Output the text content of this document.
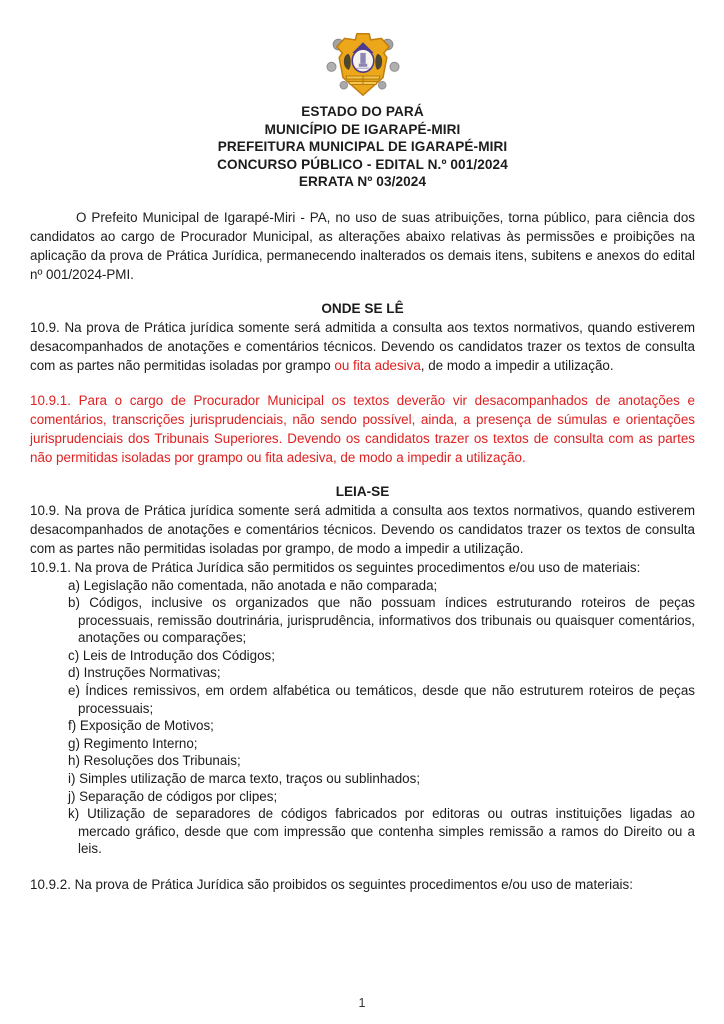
ESTADO DO PARÁ
MUNICÍPIO DE IGARAPÉ-MIRI
PREFEITURA MUNICIPAL DE IGARAPÉ-MIRI
CONCURSO PÚBLICO - EDITAL N.º 001/2024
ERRATA Nº 03/2024

O Prefeito Municipal de Igarapé-Miri - PA, no uso de suas atribuições, torna público, para ciência dos candidatos ao cargo de Procurador Municipal, as alterações abaixo relativas às permissões e proibições na aplicação da prova de Prática Jurídica, permanecendo inalterados os demais itens, subitens e anexos do edital nº 001/2024-PMI.

ONDE SE LÊ

10.9. Na prova de Prática jurídica somente será admitida a consulta aos textos normativos, quando estiverem desacompanhados de anotações e comentários técnicos. Devendo os candidatos trazer os textos de consulta com as partes não permitidas isoladas por grampo ou fita adesiva, de modo a impedir a utilização.

10.9.1. Para o cargo de Procurador Municipal os textos deverão vir desacompanhados de anotações e comentários, transcrições jurisprudenciais, não sendo possível, ainda, a presença de súmulas e orientações jurisprudenciais dos Tribunais Superiores. Devendo os candidatos trazer os textos de consulta com as partes não permitidas isoladas por grampo ou fita adesiva, de modo a impedir a utilização.

LEIA-SE

10.9. Na prova de Prática jurídica somente será admitida a consulta aos textos normativos, quando estiverem desacompanhados de anotações e comentários técnicos. Devendo os candidatos trazer os textos de consulta com as partes não permitidas isoladas por grampo, de modo a impedir a utilização.

10.9.1. Na prova de Prática Jurídica são permitidos os seguintes procedimentos e/ou uso de materiais:

a) Legislação não comentada, não anotada e não comparada;
b) Códigos, inclusive os organizados que não possuam índices estruturando roteiros de peças processuais, remissão doutrinária, jurisprudência, informativos dos tribunais ou quaisquer comentários, anotações ou comparações;
c) Leis de Introdução dos Códigos;
d) Instruções Normativas;
e) Índices remissivos, em ordem alfabética ou temáticos, desde que não estruturem roteiros de peças processuais;
f) Exposição de Motivos;
g) Regimento Interno;
h) Resoluções dos Tribunais;
i) Simples utilização de marca texto, traços ou sublinhados;
j) Separação de códigos por clipes;
k) Utilização de separadores de códigos fabricados por editoras ou outras instituições ligadas ao mercado gráfico, desde que com impressão que contenha simples remissão a ramos do Direito ou a leis.

10.9.2. Na prova de Prática Jurídica são proibidos os seguintes procedimentos e/ou uso de materiais:

1
